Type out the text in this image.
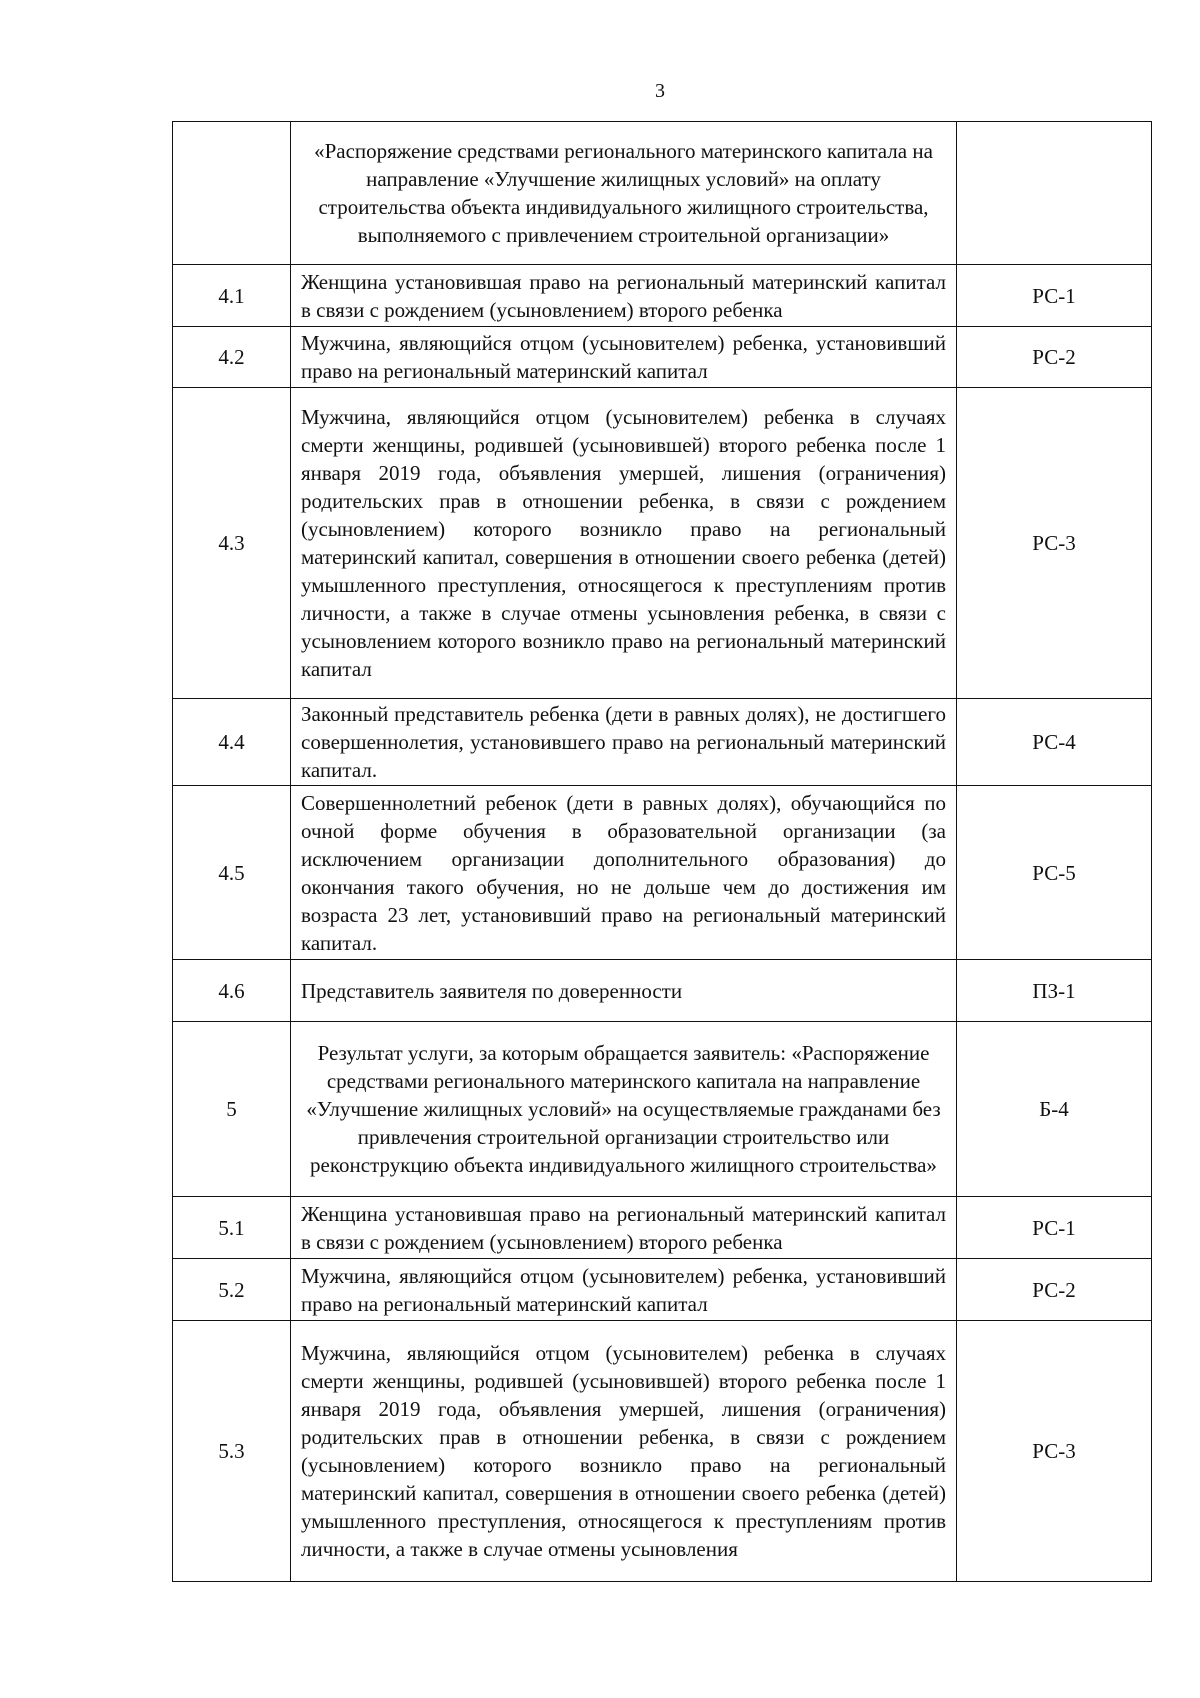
3
	«Распоряжение средствами регионального материнского капитала на направление «Улучшение жилищных условий» на оплату строительства объекта индивидуального жилищного строительства, выполняемого с привлечением строительной организации»	
4.1	Женщина установившая право на региональный материнский капитал в связи с рождением (усыновлением) второго ребенка	РС-1
4.2	Мужчина, являющийся отцом (усыновителем) ребенка, установивший право на региональный материнский капитал	РС-2
4.3	Мужчина, являющийся отцом (усыновителем) ребенка в случаях смерти женщины, родившей (усыновившей) второго ребенка после 1 января 2019 года, объявления умершей, лишения (ограничения) родительских прав в отношении ребенка, в связи с рождением (усыновлением) которого возникло право на региональный материнский капитал, совершения в отношении своего ребенка (детей) умышленного преступления, относящегося к преступлениям против личности, а также в случае отмены усыновления ребенка, в связи с усыновлением которого возникло право на региональный материнский капитал	РС-3
4.4	Законный представитель ребенка (дети в равных долях), не достигшего совершеннолетия, установившего право на региональный материнский капитал.	РС-4
4.5	Совершеннолетний ребенок (дети в равных долях), обучающийся по очной форме обучения в образовательной организации (за исключением организации дополнительного образования) до окончания такого обучения, но не дольше чем до достижения им возраста 23 лет, установивший право на региональный материнский капитал.	РС-5
4.6	Представитель заявителя по доверенности	ПЗ-1
5	Результат услуги, за которым обращается заявитель: «Распоряжение средствами регионального материнского капитала на направление «Улучшение жилищных условий» на осуществляемые гражданами без привлечения строительной организации строительство или реконструкцию объекта индивидуального жилищного строительства»	Б-4
5.1	Женщина установившая право на региональный материнский капитал в связи с рождением (усыновлением) второго ребенка	РС-1
5.2	Мужчина, являющийся отцом (усыновителем) ребенка, установивший право на региональный материнский капитал	РС-2
5.3	Мужчина, являющийся отцом (усыновителем) ребенка в случаях смерти женщины, родившей (усыновившей) второго ребенка после 1 января 2019 года, объявления умершей, лишения (ограничения) родительских прав в отношении ребенка, в связи с рождением (усыновлением) которого возникло право на региональный материнский капитал, совершения в отношении своего ребенка (детей) умышленного преступления, относящегося к преступлениям против личности, а также в случае отмены усыновления	РС-3
